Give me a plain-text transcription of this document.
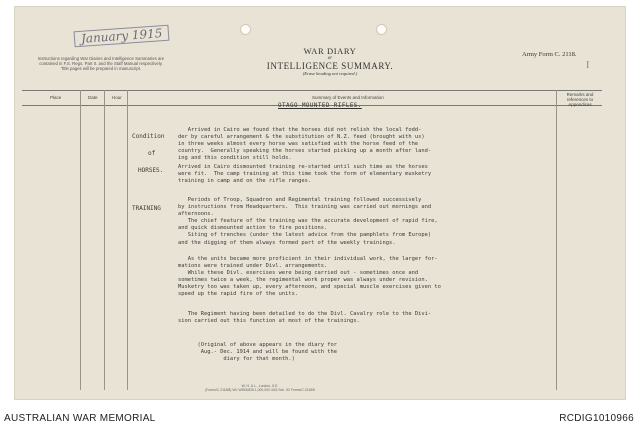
January 1915
Instructions regarding War Diaries and Intelligence Summaries are contained in F.S. Regs. Part II. and the Staff Manual respectively. Title pages will be prepared in manuscript.
WAR DIARY
or
INTELLIGENCE SUMMARY.
(Erase heading not required.)
Army Form C. 2118.
I
Place	Date	Hour	Summary of Events and Information
Remarks and references to Appendices
OTAGO MOUNTED RIFLES.
Condition
of
HORSES.
TRAINING
Arrived in Cairo we found that the horses did not relish the local fodd-
der by careful arrangement & the substitution of N.Z. feed (brought with us)
in three weeks almost every horse was satisfied with the horse feed of the
country.  Generally speaking the horses started picking up a month after land-
ing and this condition still holds.
Arrived in Cairo dismounted training re-started until such time as the horses
were fit.  The camp training at this time took the form of elementary musketry
training in camp and on the rifle ranges.
Periods of Troop, Squadron and Regimental training followed successively
by instructions from Headquarters.  This training was carried out mornings and
afternoons.
The chief feature of the training was the accurate development of rapid fire,
and quick dismounted action to fire positions.
Siting of trenches (under the latest advice from the pamphlets from Europe)
and the digging of them always formed part of the weekly trainings.
As the units became more proficient in their individual work, the larger for-
mations were trained under Divl. arrangements.
While these Divl. exercises were being carried out - sometimes once and
sometimes twice a week, the regimental work proper was always under revision.
Musketry too was taken up, every afternoon, and special muscle exercises given to
speed up the rapid fire of the units.
The Regiment having been detailed to do the Divl. Cavalry role to the Divi-
sion carried out this function at most of the trainings.
(Original of above appears in the diary for
Aug.- Dec. 1914 and will be found with the
diary for that month.)
W. H. & L., London, S.E.
(Forms/C.2118/8) Wt. W593/826 1,000,000 4/15 Sch. 52 Forms/C.2118/8
AUSTRALIAN WAR MEMORIAL	RCDIG1010966
